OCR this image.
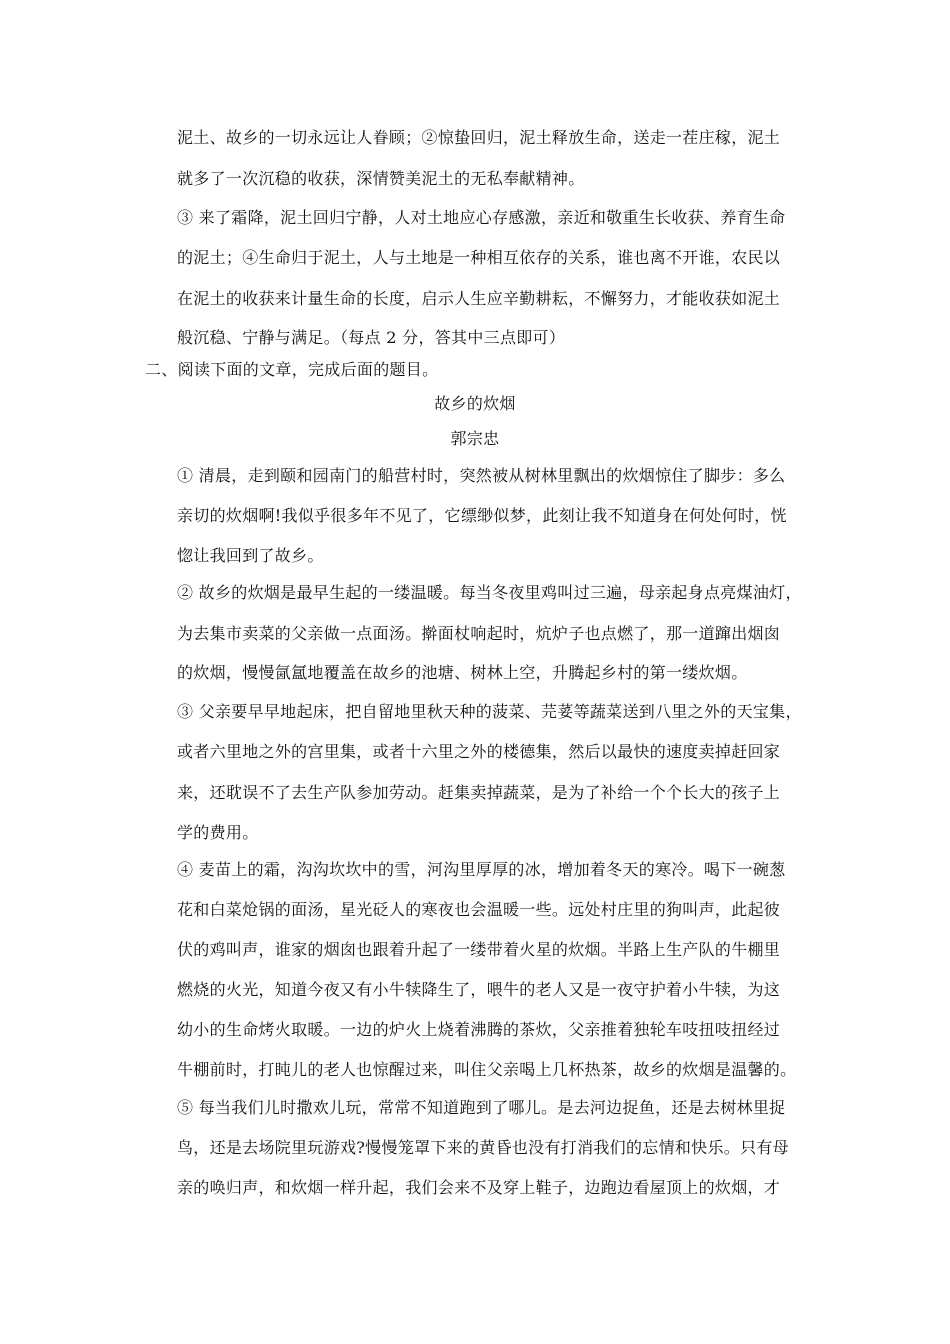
泥土、故乡的一切永远让人眷顾；②惊蛰回归，泥土释放生命，送走一茬庄稼，泥土
就多了一次沉稳的收获，深情赞美泥土的无私奉献精神。
③ 来了霜降，泥土回归宁静，人对土地应心存感激，亲近和敬重生长收获、养育生命
的泥土；④生命归于泥土，人与土地是一种相互依存的关系，谁也离不开谁，农民以
在泥土的收获来计量生命的长度，启示人生应辛勤耕耘，不懈努力，才能收获如泥土
般沉稳、宁静与满足。（每点 2 分，答其中三点即可）
二、阅读下面的文章，完成后面的题目。
故乡的炊烟
郭宗忠
① 清晨，走到颐和园南门的船营村时，突然被从树林里飘出的炊烟惊住了脚步：多么
亲切的炊烟啊!我似乎很多年不见了，它缥缈似梦，此刻让我不知道身在何处何时，恍
惚让我回到了故乡。
② 故乡的炊烟是最早生起的一缕温暖。每当冬夜里鸡叫过三遍，母亲起身点亮煤油灯，
为去集市卖菜的父亲做一点面汤。擀面杖响起时，炕炉子也点燃了，那一道蹿出烟囱
的炊烟，慢慢氤氲地覆盖在故乡的池塘、树林上空，升腾起乡村的第一缕炊烟。
③ 父亲要早早地起床，把自留地里秋天种的菠菜、芫荽等蔬菜送到八里之外的天宝集，
或者六里地之外的宫里集，或者十六里之外的楼德集，然后以最快的速度卖掉赶回家
来，还耽误不了去生产队参加劳动。赶集卖掉蔬菜，是为了补给一个个长大的孩子上
学的费用。
④ 麦苗上的霜，沟沟坎坎中的雪，河沟里厚厚的冰，增加着冬天的寒冷。喝下一碗葱
花和白菜炝锅的面汤，星光砭人的寒夜也会温暖一些。远处村庄里的狗叫声，此起彼
伏的鸡叫声，谁家的烟囱也跟着升起了一缕带着火星的炊烟。半路上生产队的牛棚里
燃烧的火光，知道今夜又有小牛犊降生了，喂牛的老人又是一夜守护着小牛犊，为这
幼小的生命烤火取暖。一边的炉火上烧着沸腾的茶炊，父亲推着独轮车吱扭吱扭经过
牛棚前时，打盹儿的老人也惊醒过来，叫住父亲喝上几杯热茶，故乡的炊烟是温馨的。
⑤ 每当我们儿时撒欢儿玩，常常不知道跑到了哪儿。是去河边捉鱼，还是去树林里捉
鸟，还是去场院里玩游戏?慢慢笼罩下来的黄昏也没有打消我们的忘情和快乐。只有母
亲的唤归声，和炊烟一样升起，我们会来不及穿上鞋子，边跑边看屋顶上的炊烟，才
